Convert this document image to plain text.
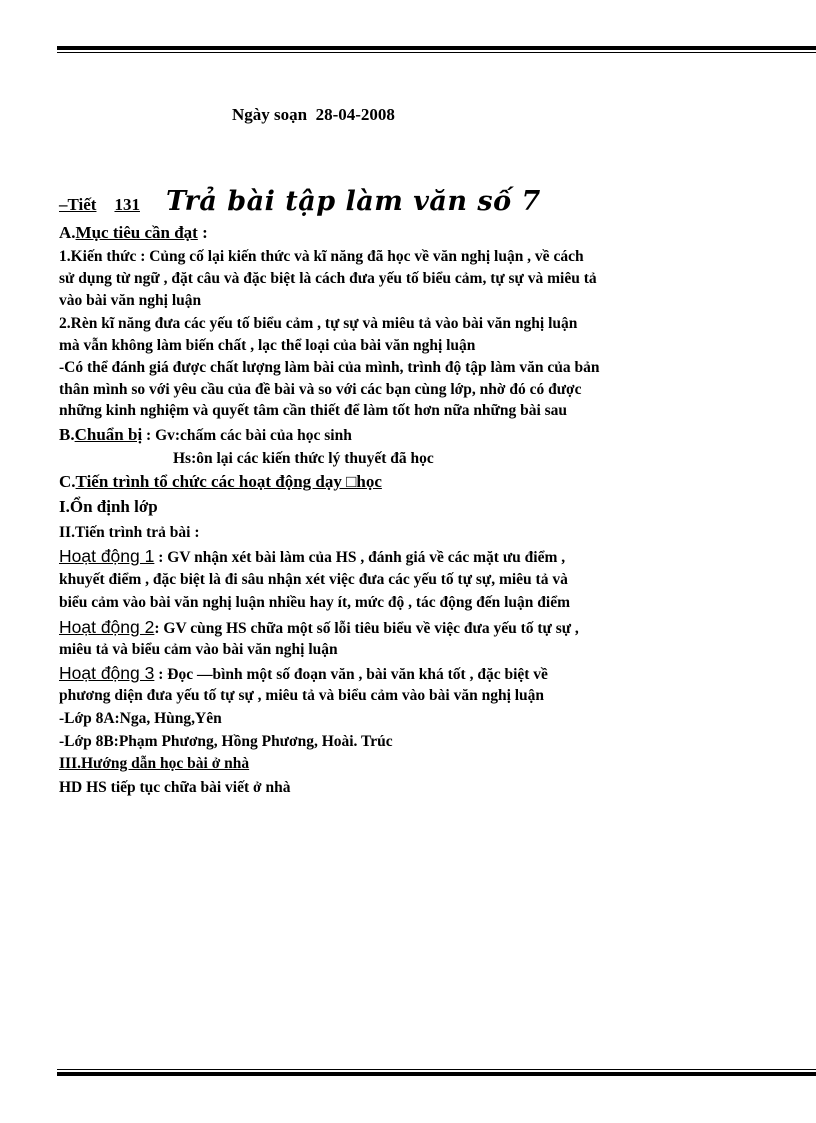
Ngày soạn 28-04-2008
–Tiết 131 Trả bài tập làm văn số 7
A.Mục tiêu cần đạt :
1.Kiến thức : Củng cố lại kiến thức và kĩ năng đã học về văn nghị luận , về cách
sử dụng từ ngữ , đặt câu và đặc biệt là cách đưa yếu tố biểu cảm, tự sự và miêu tả
vào bài văn nghị luận
2.Rèn kĩ năng đưa các yếu tố biểu cảm , tự sự và miêu tả vào bài văn nghị luận
mà vẫn không làm biến chất , lạc thể loại của bài văn nghị luận
-Có thể đánh giá được chất lượng làm bài của mình, trình độ tập làm văn của bản
thân mình so với yêu cầu của đề bài và so với các bạn cùng lớp, nhờ đó có được
những kinh nghiệm và quyết tâm cần thiết để làm tốt hơn nữa những bài sau
B.Chuẩn bị : Gv:chấm các bài của học sinh
Hs:ôn lại các kiến thức lý thuyết đã học
C.Tiến trình tổ chức các hoạt động dạy □học
I.Ổn định lớp
II.Tiến trình trả bài :
Hoạt động 1 : GV nhận xét bài làm của HS , đánh giá về các mặt ưu điểm ,
khuyết điểm , đặc biệt là đi sâu nhận xét việc đưa các yếu tố tự sự, miêu tả và
biểu cảm vào bài văn nghị luận nhiều hay ít, mức độ , tác động đến luận điểm
Hoạt động 2: GV cùng HS chữa một số lỗi tiêu biểu về việc đưa yếu tố tự sự ,
miêu tả và biểu cảm vào bài văn nghị luận
Hoạt động 3 : Đọc —bình một số đoạn văn , bài văn khá tốt , đặc biệt về
phương diện đưa yếu tố tự sự , miêu tả và biểu cảm vào bài văn nghị luận
-Lớp 8A:Nga, Hùng,Yên
-Lớp 8B:Phạm Phương, Hồng Phương, Hoài. Trúc
III.Hướng dẫn học bài ở nhà
HD HS tiếp tục chữa bài viết ở nhà
